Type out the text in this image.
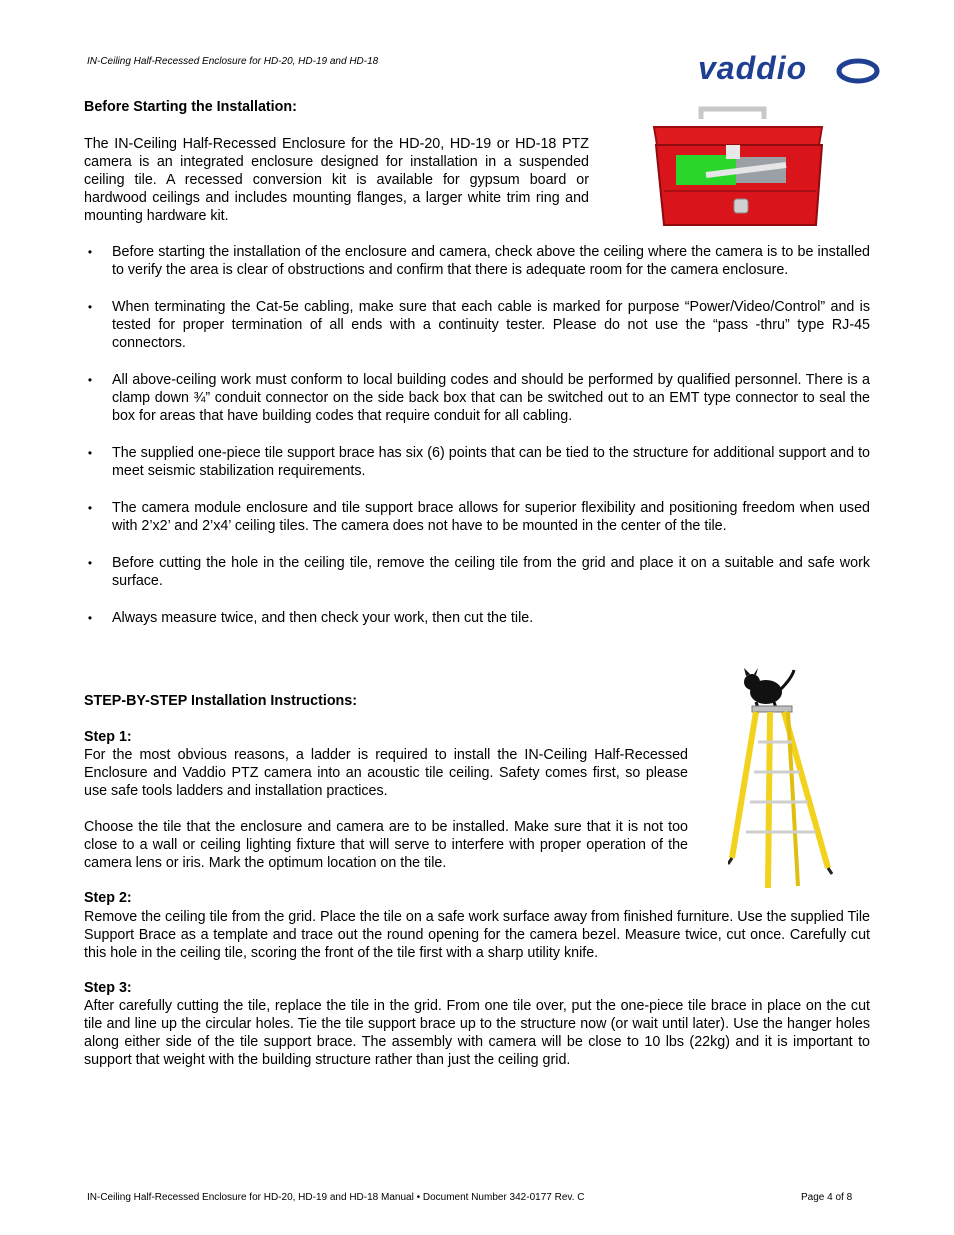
IN-Ceiling Half-Recessed Enclosure for HD-20, HD-19 and HD-18	vaddio
Before Starting the Installation:

The IN-Ceiling Half-Recessed Enclosure for the HD-20, HD-19 or HD-18 PTZ camera is an integrated enclosure designed for installation in a suspended ceiling tile. A recessed conversion kit is available for gypsum board or hardwood ceilings and includes mounting flanges, a larger white trim ring and mounting hardware kit.

• Before starting the installation of the enclosure and camera, check above the ceiling where the camera is to be installed to verify the area is clear of obstructions and confirm that there is adequate room for the camera enclosure.
• When terminating the Cat-5e cabling, make sure that each cable is marked for purpose “Power/Video/Control” and is tested for proper termination of all ends with a continuity tester. Please do not use the “pass -thru” type RJ-45 connectors.
• All above-ceiling work must conform to local building codes and should be performed by qualified personnel. There is a clamp down ¾” conduit connector on the side back box that can be switched out to an EMT type connector to seal the box for areas that have building codes that require conduit for all cabling.
• The supplied one-piece tile support brace has six (6) points that can be tied to the structure for additional support and to meet seismic stabilization requirements.
• The camera module enclosure and tile support brace allows for superior flexibility and positioning freedom when used with 2’x2’ and 2’x4’ ceiling tiles. The camera does not have to be mounted in the center of the tile.
• Before cutting the hole in the ceiling tile, remove the ceiling tile from the grid and place it on a suitable and safe work surface.
• Always measure twice, and then check your work, then cut the tile.
STEP-BY-STEP Installation Instructions:
Step 1:

For the most obvious reasons, a ladder is required to install the IN-Ceiling Half-Recessed Enclosure and Vaddio PTZ camera into an acoustic tile ceiling. Safety comes first, so please use safe tools ladders and installation practices.

Choose the tile that the enclosure and camera are to be installed. Make sure that it is not too close to a wall or ceiling lighting fixture that will serve to interfere with proper operation of the camera lens or iris. Mark the optimum location on the tile.

Step 2:

Remove the ceiling tile from the grid. Place the tile on a safe work surface away from finished furniture. Use the supplied Tile Support Brace as a template and trace out the round opening for the camera bezel. Measure twice, cut once. Carefully cut this hole in the ceiling tile, scoring the front of the tile first with a sharp utility knife.

Step 3:

After carefully cutting the tile, replace the tile in the grid. From one tile over, put the one-piece tile brace in place on the cut tile and line up the circular holes. Tie the tile support brace up to the structure now (or wait until later). Use the hanger holes along either side of the tile support brace. The assembly with camera will be close to 10 lbs (22kg) and it is important to support that weight with the building structure rather than just the ceiling grid.

IN-Ceiling Half-Recessed Enclosure for HD-20, HD-19 and HD-18 Manual • Document Number 342-0177 Rev. C	Page 4 of 8
